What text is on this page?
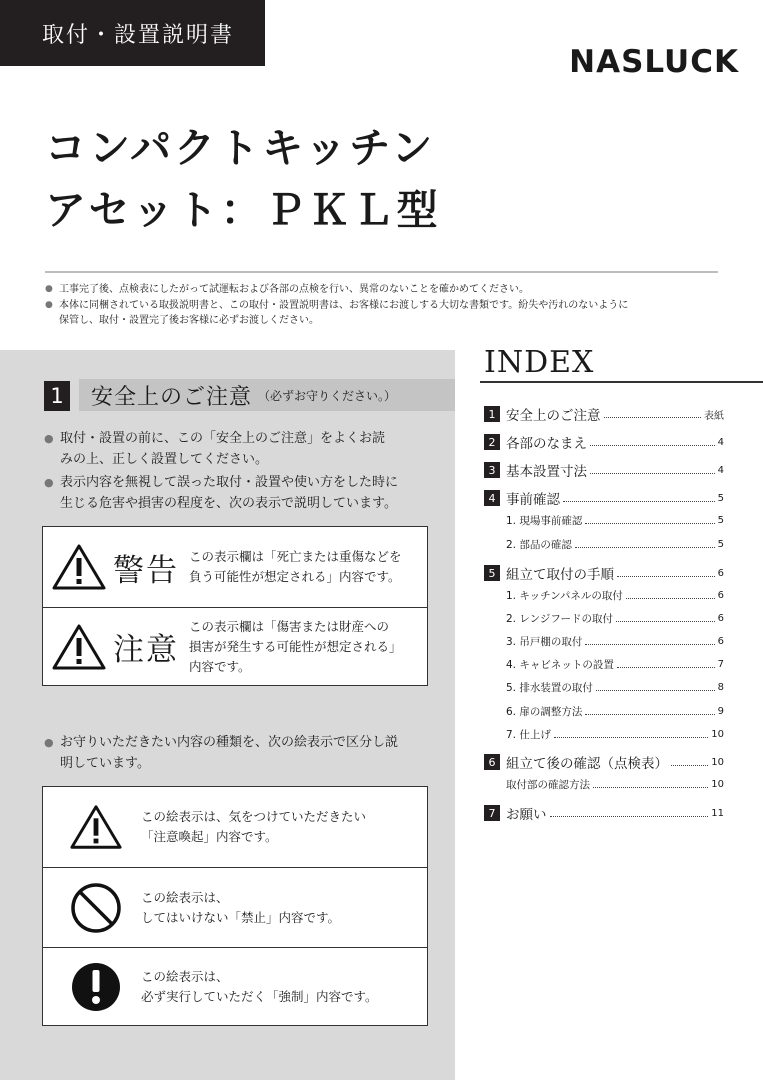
取付・設置説明書
NASLUCK
コンパクトキッチン
アセット：ＰＫＬ型
● 工事完了後、点検表にしたがって試運転および各部の点検を行い、異常のないことを確かめてください。
● 本体に同梱されている取扱説明書と、この取付・設置説明書は、お客様にお渡しする大切な書類です。紛失や汚れのないように
保管し、取付・設置完了後お客様に必ずお渡しください。
1 安全上のご注意 （必ずお守りください。）
● 取付・設置の前に、この「安全上のご注意」をよくお読
みの上、正しく設置してください。
● 表示内容を無視して誤った取付・設置や使い方をした時に
生じる危害や損害の程度を、次の表示で説明しています。
警告 この表示欄は「死亡または重傷などを
負う可能性が想定される」内容です。
注意
この表示欄は「傷害または財産への
損害が発生する可能性が想定される」
内容です。
● お守りいただきたい内容の種類を、次の絵表示で区分し説
明しています。
この絵表示は、気をつけていただきたい
「注意喚起」内容です。
この絵表示は、
してはいけない「禁止」内容です。
この絵表示は、
必ず実行していただく「強制」内容です。
INDEX
1 安全上のご注意	表紙
2 各部のなまえ	4
3 基本設置寸法	4
4 事前確認	5
1. 現場事前確認	5
2. 部品の確認	5
5 組立て取付の手順	6
1. キッチンパネルの取付	6
2. レンジフードの取付	6
3. 吊戸棚の取付	6
4. キャビネットの設置	7
5. 排水装置の取付	8
6. 扉の調整方法	9
7. 仕上げ	10
6 組立て後の確認（点検表）	10
取付部の確認方法	10
7 お願い	11
